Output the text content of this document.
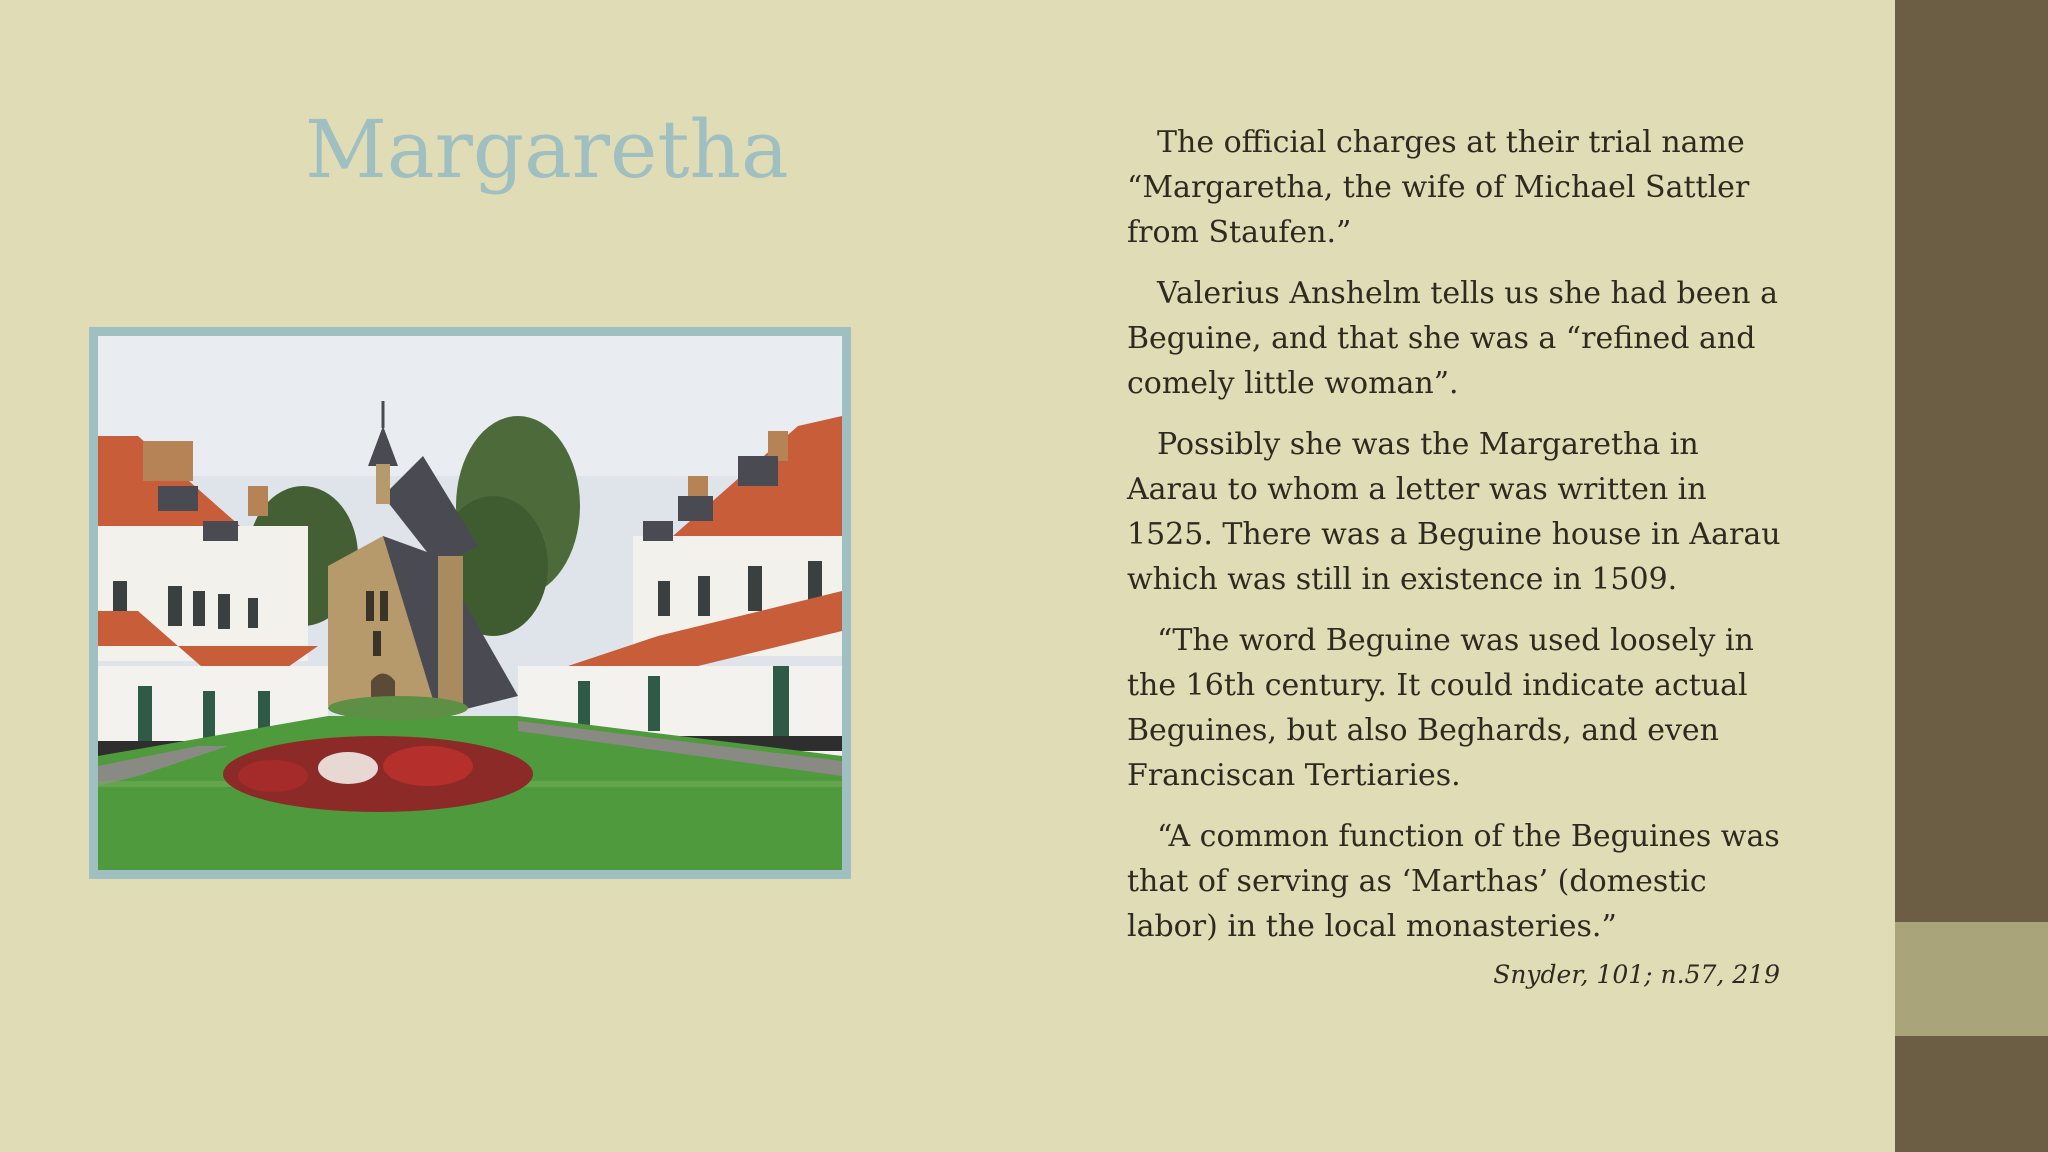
Margaretha	The official charges at their trial name “Margaretha, the wife of Michael Sattler from Staufen.”

Valerius Anshelm tells us she had been a Beguine, and that she was a “refined and comely little woman”.

Possibly she was the Margaretha in Aarau to whom a letter was written in 1525. There was a Beguine house in Aarau which was still in existence in 1509.

“The word Beguine was used loosely in the 16th century. It could indicate actual Beguines, but also Beghards, and even Franciscan Tertiaries.

“A common function of the Beguines was that of serving as ‘Marthas’ (domestic labor) in the local monasteries.”

Snyder, 101; n.57, 219
